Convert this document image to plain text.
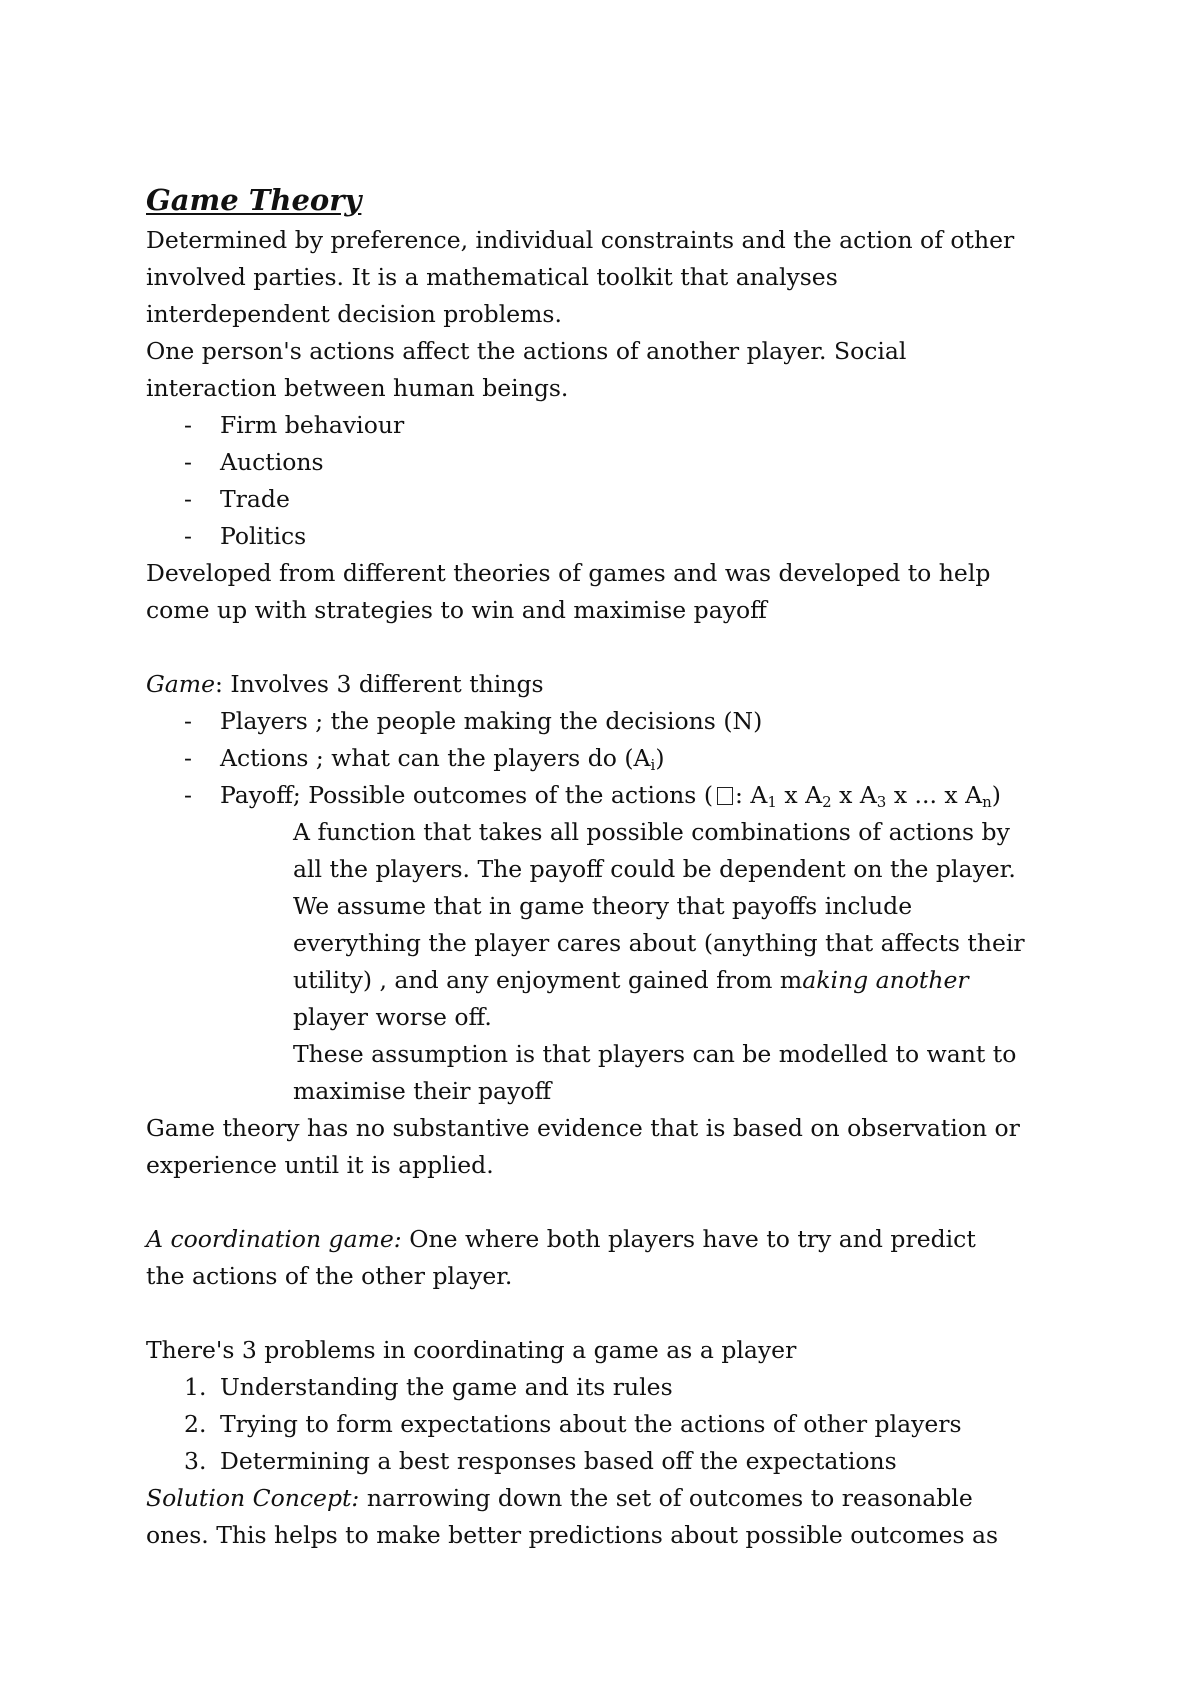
Game Theory

Determined by preference, individual constraints and the action of other

involved parties. It is a mathematical toolkit that analyses

interdependent decision problems.

One person's actions affect the actions of another player. Social

interaction between human beings.

- Firm behaviour

- Auctions

- Trade

- Politics

Developed from different theories of games and was developed to help

come up with strategies to win and maximise payoff

Game: Involves 3 different things

- Players ; the people making the decisions (N)

- Actions ; what can the players do $(A_i)$

- Payoff; Possible outcomes of the actions ( : $A_1$ x $A_2$ x $A_3$ x ... x $A_n$)

A function that takes all possible combinations of actions by

all the players. The payoff could be dependent on the player.

We assume that in game theory that payoffs include

everything the player cares about (anything that affects their

utility) , and any enjoyment gained from making another

player worse off.

These assumption is that players can be modelled to want to

maximise their payoff

Game theory has no substantive evidence that is based on observation or

experience until it is applied.

A coordination game: One where both players have to try and predict

the actions of the other player.

There's 3 problems in coordinating a game as a player

1. Understanding the game and its rules

2. Trying to form expectations about the actions of other players

3. Determining a best responses based off the expectations

Solution Concept: narrowing down the set of outcomes to reasonable

ones. This helps to make better predictions about possible outcomes as
